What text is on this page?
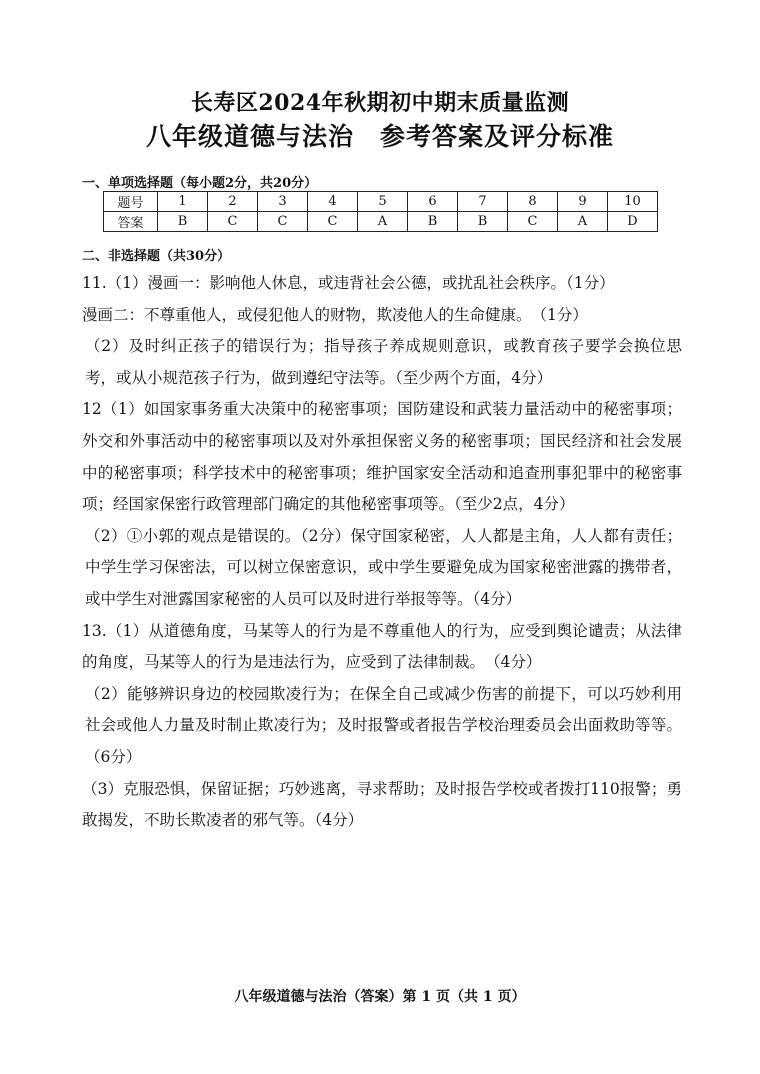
长寿区2024年秋期初中期末质量监测
八年级道德与法治　参考答案及评分标准
一、单项选择题（每小题2分，共20分）
题号	1	2	3	4	5	6	7	8	9	10
答案	B	C	C	C	A	B	B	C	A	D
二、非选择题（共30分）

11.（1）漫画一：影响他人休息，或违背社会公德，或扰乱社会秩序。（1分）

漫画二：不尊重他人，或侵犯他人的财物，欺凌他人的生命健康。　（1分）

（2）及时纠正孩子的错误行为；指导孩子养成规则意识，或教育孩子要学会换位思考，或从小规范孩子行为，做到遵纪守法等。（至少两个方面，4分）

12（1）如国家事务重大决策中的秘密事项；国防建设和武装力量活动中的秘密事项；外交和外事活动中的秘密事项以及对外承担保密义务的秘密事项；国民经济和社会发展中的秘密事项；科学技术中的秘密事项；维护国家安全活动和追查刑事犯罪中的秘密事项；经国家保密行政管理部门确定的其他秘密事项等。（至少2点，4分）

（2）①小郭的观点是错误的。（2分）保守国家秘密，人人都是主角，人人都有责任；中学生学习保密法，可以树立保密意识，或中学生要避免成为国家秘密泄露的携带者，或中学生对泄露国家秘密的人员可以及时进行举报等等。（4分）

13.（1）从道德角度，马某等人的行为是不尊重他人的行为，应受到舆论谴责；从法律的角度，马某等人的行为是违法行为，应受到了法律制裁。　（4分）

（2）能够辨识身边的校园欺凌行为；在保全自己或减少伤害的前提下，可以巧妙利用社会或他人力量及时制止欺凌行为；及时报警或者报告学校治理委员会出面救助等等。（6分）

（3）克服恐惧，保留证据；巧妙逃离，寻求帮助；及时报告学校或者拨打110报警；勇敢揭发，不助长欺凌者的邪气等。（4分）

八年级道德与法治（答案）第 1 页（共 1 页）
